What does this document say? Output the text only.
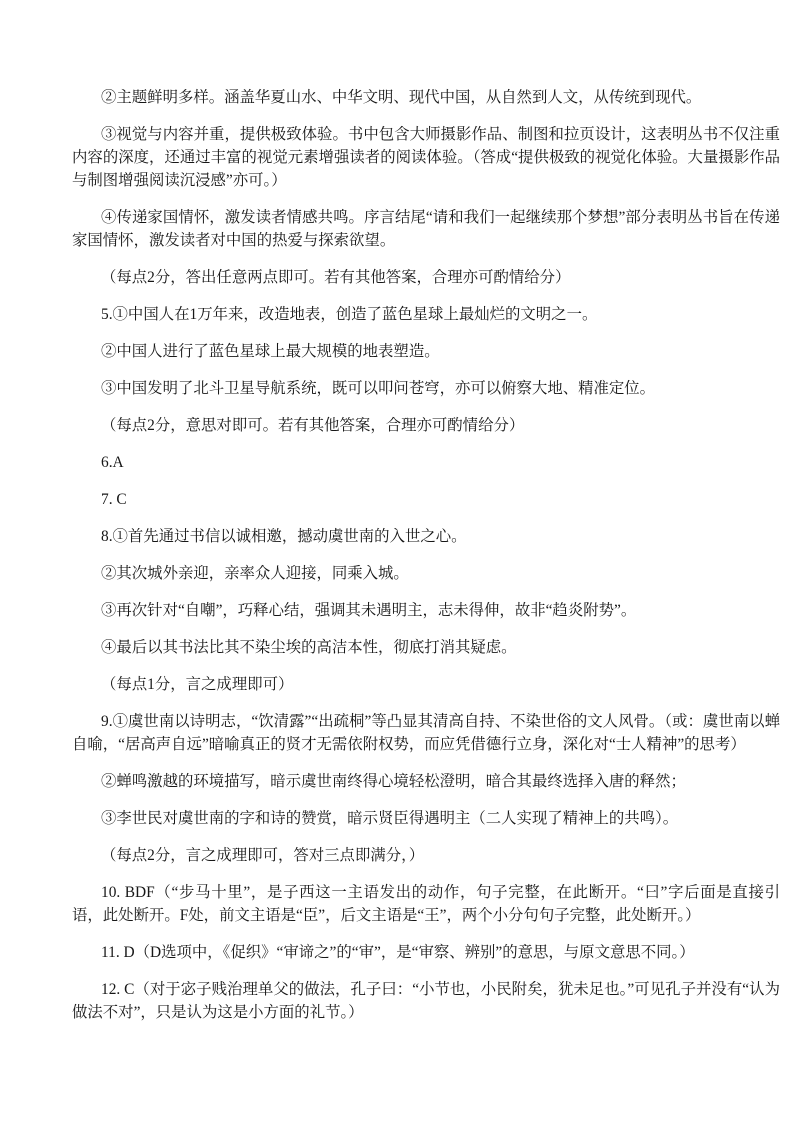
②主题鲜明多样。涵盖华夏山水、中华文明、现代中国，从自然到人文，从传统到现代。

③视觉与内容并重，提供极致体验。书中包含大师摄影作品、制图和拉页设计，这表明丛书不仅注重内容的深度，还通过丰富的视觉元素增强读者的阅读体验。（答成“提供极致的视觉化体验。大量摄影作品与制图增强阅读沉浸感”亦可。）

④传递家国情怀，激发读者情感共鸣。序言结尾“请和我们一起继续那个梦想”部分表明丛书旨在传递家国情怀，激发读者对中国的热爱与探索欲望。

（每点2分，答出任意两点即可。若有其他答案，合理亦可酌情给分）

5.①中国人在1万年来，改造地表，创造了蓝色星球上最灿烂的文明之一。

②中国人进行了蓝色星球上最大规模的地表塑造。

③中国发明了北斗卫星导航系统，既可以叩问苍穹，亦可以俯察大地、精准定位。

（每点2分，意思对即可。若有其他答案，合理亦可酌情给分）

6.A

7. C

8.①首先通过书信以诚相邀，撼动虞世南的入世之心。

②其次城外亲迎，亲率众人迎接，同乘入城。

③再次针对“自嘲”，巧释心结，强调其未遇明主，志未得伸，故非“趋炎附势”。

④最后以其书法比其不染尘埃的高洁本性，彻底打消其疑虑。

（每点1分，言之成理即可）

9.①虞世南以诗明志，“饮清露”“出疏桐”等凸显其清高自持、不染世俗的文人风骨。（或：虞世南以蝉自喻，“居高声自远”暗喻真正的贤才无需依附权势，而应凭借德行立身，深化对“士人精神”的思考）

②蝉鸣激越的环境描写，暗示虞世南终得心境轻松澄明，暗合其最终选择入唐的释然；

③李世民对虞世南的字和诗的赞赏，暗示贤臣得遇明主（二人实现了精神上的共鸣）。

（每点2分，言之成理即可，答对三点即满分，）

10. BDF（“步马十里”，是子西这一主语发出的动作，句子完整，在此断开。“曰”字后面是直接引语，此处断开。F处，前文主语是“臣”，后文主语是“王”，两个小分句句子完整，此处断开。）

11. D（D选项中，《促织》“审谛之”的“审”，是“审察、辨别”的意思，与原文意思不同。）

12. C（对于宓子贱治理单父的做法，孔子曰：“小节也，小民附矣，犹未足也。”可见孔子并没有“认为做法不对”，只是认为这是小方面的礼节。）
